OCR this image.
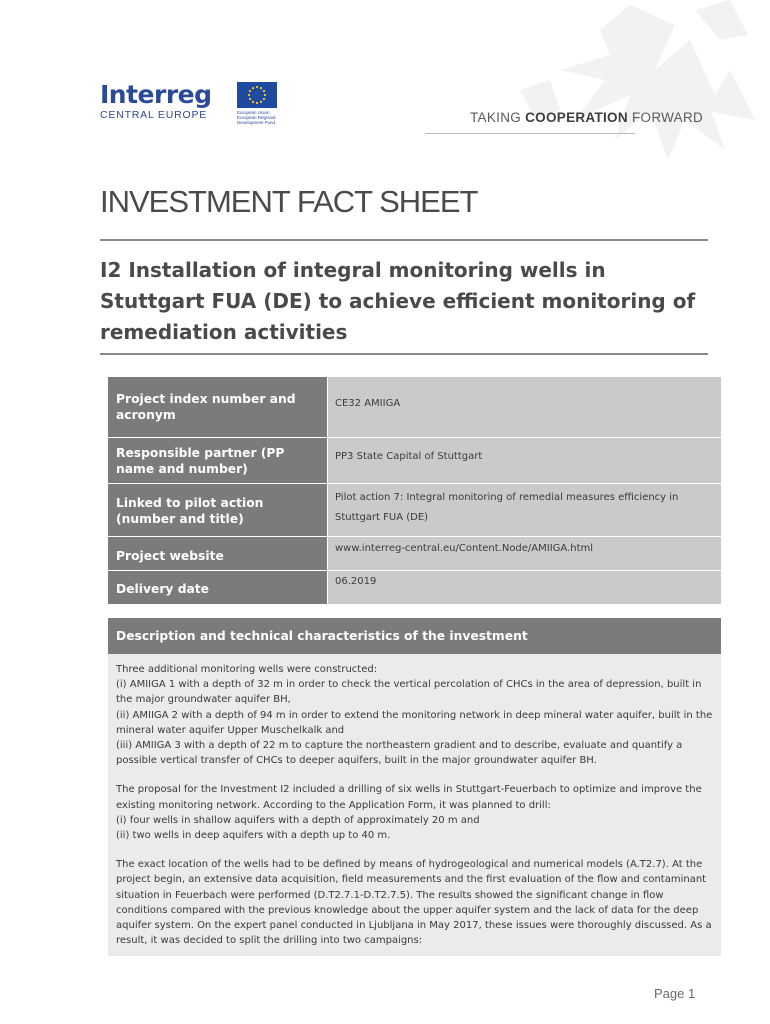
Interreg
CENTRAL EUROPE	European Union
European Regional
Development Fund	TAKING COOPERATION FORWARD
INVESTMENT FACT SHEET
I2 Installation of integral monitoring wells in Stuttgart FUA (DE) to achieve efficient monitoring of remediation activities
Project index number and acronym
CE32 AMIIGA
Responsible partner (PP name and number)
PP3 State Capital of Stuttgart
Linked to pilot action (number and title)
Pilot action 7: Integral monitoring of remedial measures efficiency in Stuttgart FUA (DE)
Project website
www.interreg-central.eu/Content.Node/AMIIGA.html
Delivery date
06.2019
Description and technical characteristics of the investment

Three additional monitoring wells were constructed:
(i) AMIIGA 1 with a depth of 32 m in order to check the vertical percolation of CHCs in the area of depression, built in the major groundwater aquifer BH,
(ii) AMIIGA 2 with a depth of 94 m in order to extend the monitoring network in deep mineral water aquifer, built in the mineral water aquifer Upper Muschelkalk and
(iii) AMIIGA 3 with a depth of 22 m to capture the northeastern gradient and to describe, evaluate and quantify a possible vertical transfer of CHCs to deeper aquifers, built in the major groundwater aquifer BH.

The proposal for the Investment I2 included a drilling of six wells in Stuttgart-Feuerbach to optimize and improve the existing monitoring network. According to the Application Form, it was planned to drill:
(i) four wells in shallow aquifers with a depth of approximately 20 m and
(ii) two wells in deep aquifers with a depth up to 40 m.

The exact location of the wells had to be defined by means of hydrogeological and numerical models (A.T2.7). At the project begin, an extensive data acquisition, field measurements and the first evaluation of the flow and contaminant situation in Feuerbach were performed (D.T2.7.1-D.T2.7.5). The results showed the significant change in flow conditions compared with the previous knowledge about the upper aquifer system and the lack of data for the deep aquifer system. On the expert panel conducted in Ljubljana in May 2017, these issues were thoroughly discussed. As a result, it was decided to split the drilling into two campaigns:

Page 1
